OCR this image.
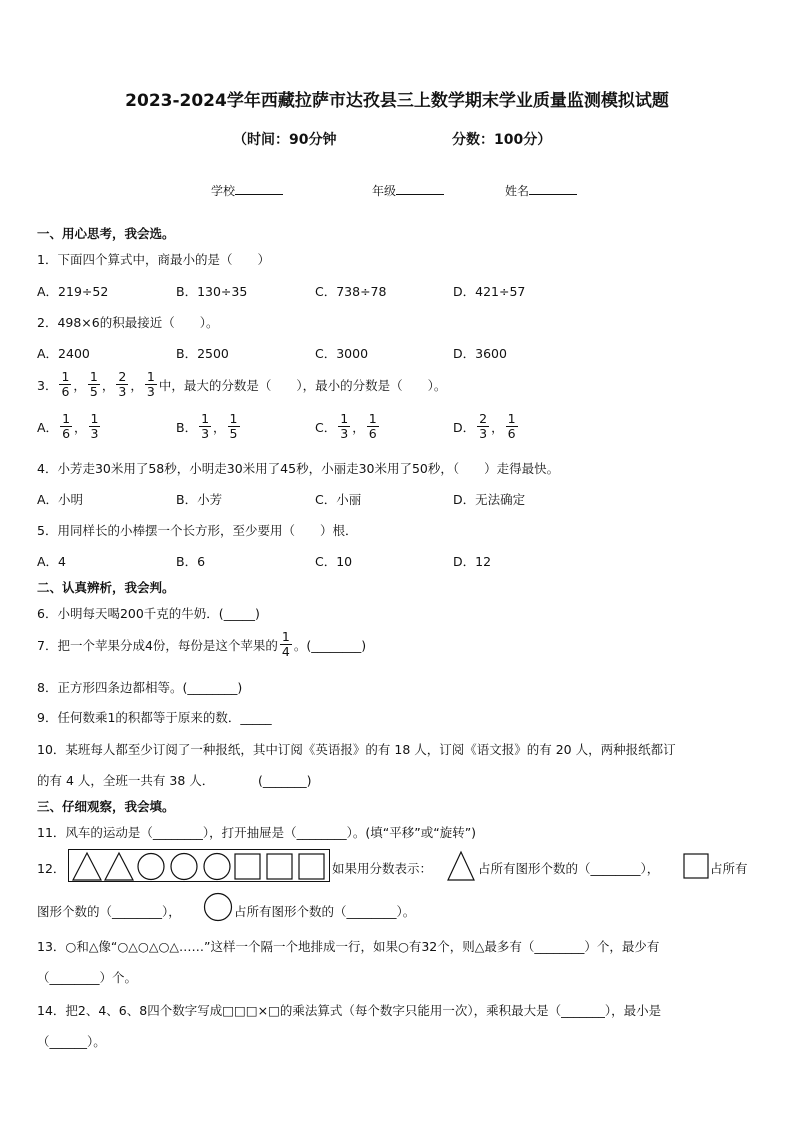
2023-2024学年西藏拉萨市达孜县三上数学期末学业质量监测模拟试题
（时间：90分钟	分数：100分）
学校	年级	姓名
一、用心思考，我会选。
1．下面四个算式中，商最小的是（　　）
A．219÷52	B．130÷35	C．738÷78	D．421÷57
2．498×6的积最接近（　　）。
A．2400	B．2500	C．3000	D．3600
3． $\frac{1}{6}$ ， $\frac{1}{5}$ ， $\frac{2}{3}$ ， $\frac{1}{3}$ 中，最大的分数是（　　），最小的分数是（　　）。
A． $\frac{1}{6}$ ， $\frac{1}{3}$	B． $\frac{1}{3}$ ， $\frac{1}{5}$	C． $\frac{1}{3}$ ， $\frac{1}{6}$	D． $\frac{2}{3}$ ， $\frac{1}{6}$
4．小芳走30米用了58秒，小明走30米用了45秒，小丽走30米用了50秒，（　　）走得最快。
A．小明	B．小芳	C．小丽	D．无法确定
5．用同样长的小棒摆一个长方形，至少要用（　　）根．
A．4	B．6	C．10	D．12
二、认真辨析，我会判。
6．小明每天喝200千克的牛奶．(_____)
7．把一个苹果分成4份，每份是这个苹果的 $\frac{1}{4}$ 。(________)
8．正方形四条边都相等。(________)
9．任何数乘1的积都等于原来的数．_____
10．某班每人都至少订阅了一种报纸，其中订阅《英语报》的有 18 人，订阅《语文报》的有 20 人，两种报纸都订
的有 4 人，全班一共有 38 人．　　　　(_______)
三、仔细观察，我会填。
11．风车的运动是（________），打开抽屉是（________）。(填“平移”或“旋转”)
12．	如果用分数表示：	占所有图形个数的（________），	占所有
图形个数的（________），	占所有图形个数的（________）。
13．○和△像“○△○△○△……”这样一个隔一个地排成一行，如果○有32个，则△最多有（________）个，最少有
（________）个。
14．把2、4、6、8四个数字写成□□□×□的乘法算式（每个数字只能用一次），乘积最大是（_______），最小是
（______）。
